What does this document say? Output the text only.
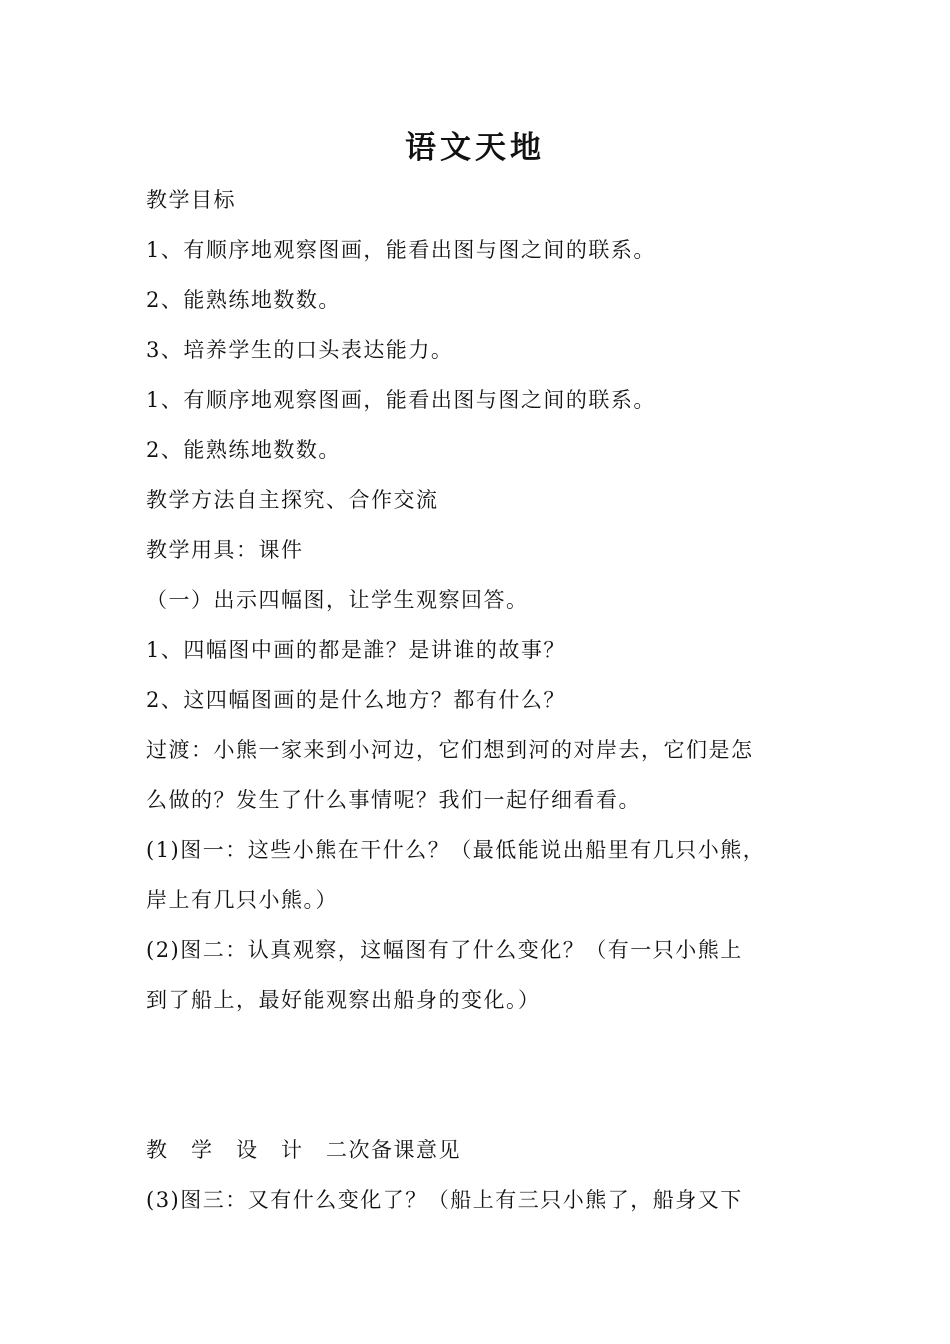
语文天地
教学目标
1、有顺序地观察图画，能看出图与图之间的联系。
2、能熟练地数数。
3、培养学生的口头表达能力。
1、有顺序地观察图画，能看出图与图之间的联系。
2、能熟练地数数。
教学方法自主探究、合作交流
教学用具：课件
（一）出示四幅图，让学生观察回答。
1、四幅图中画的都是誰？是讲谁的故事？
2、这四幅图画的是什么地方？都有什么？
过渡：小熊一家来到小河边，它们想到河的对岸去，它们是怎
么做的？发生了什么事情呢？我们一起仔细看看。
(1)图一：这些小熊在干什么？（最低能说出船里有几只小熊，
岸上有几只小熊。）
(2)图二：认真观察，这幅图有了什么变化？（有一只小熊上
到了船上，最好能观察出船身的变化。）
教　学　设　计　二次备课意见
(3)图三：又有什么变化了？（船上有三只小熊了，船身又下
